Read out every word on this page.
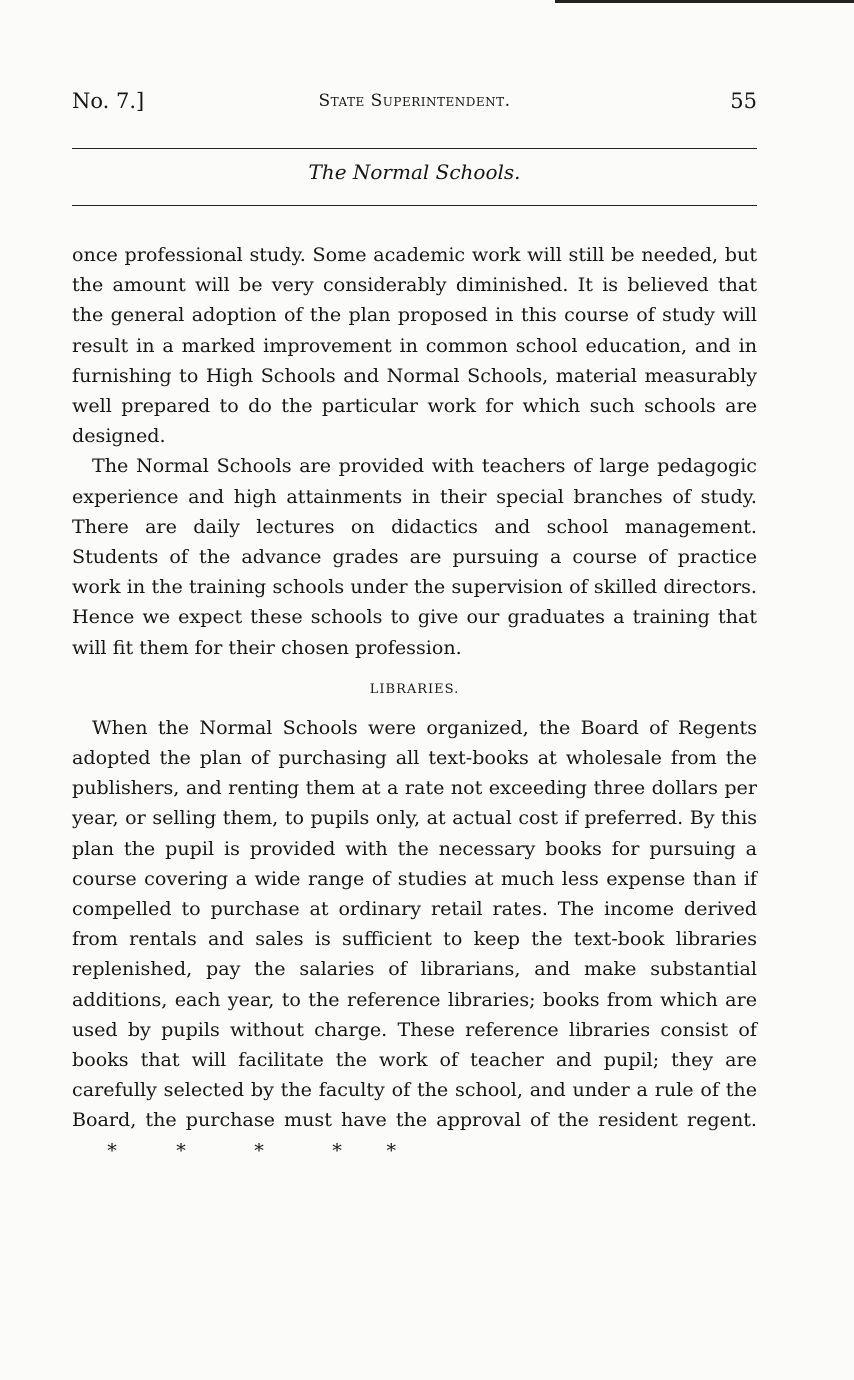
No. 7.]	State Superintendent.	55
The Normal Schools.

once professional study. Some academic work will still be needed, but the amount will be very considerably diminished. It is believed that the general adoption of the plan proposed in this course of study will result in a marked improvement in common school education, and in furnishing to High Schools and Normal Schools, material measurably well prepared to do the particular work for which such schools are designed.

The Normal Schools are provided with teachers of large pedagogic experience and high attainments in their special branches of study. There are daily lectures on didactics and school management. Students of the advance grades are pursuing a course of practice work in the training schools under the supervision of skilled directors. Hence we expect these schools to give our graduates a training that will fit them for their chosen profession.

LIBRARIES.

When the Normal Schools were organized, the Board of Regents adopted the plan of purchasing all text-books at wholesale from the publishers, and renting them at a rate not exceeding three dollars per year, or selling them, to pupils only, at actual cost if preferred. By this plan the pupil is provided with the necessary books for pursuing a course covering a wide range of studies at much less expense than if compelled to purchase at ordinary retail rates. The income derived from rentals and sales is sufficient to keep the text-book libraries replenished, pay the salaries of librarians, and make substantial additions, each year, to the reference libraries; books from which are used by pupils without charge. These reference libraries consist of books that will facilitate the work of teacher and pupil; they are carefully selected by the faculty of the school, and under a rule of the Board, the purchase must have the approval of the resident regent.*	*	*	* *
